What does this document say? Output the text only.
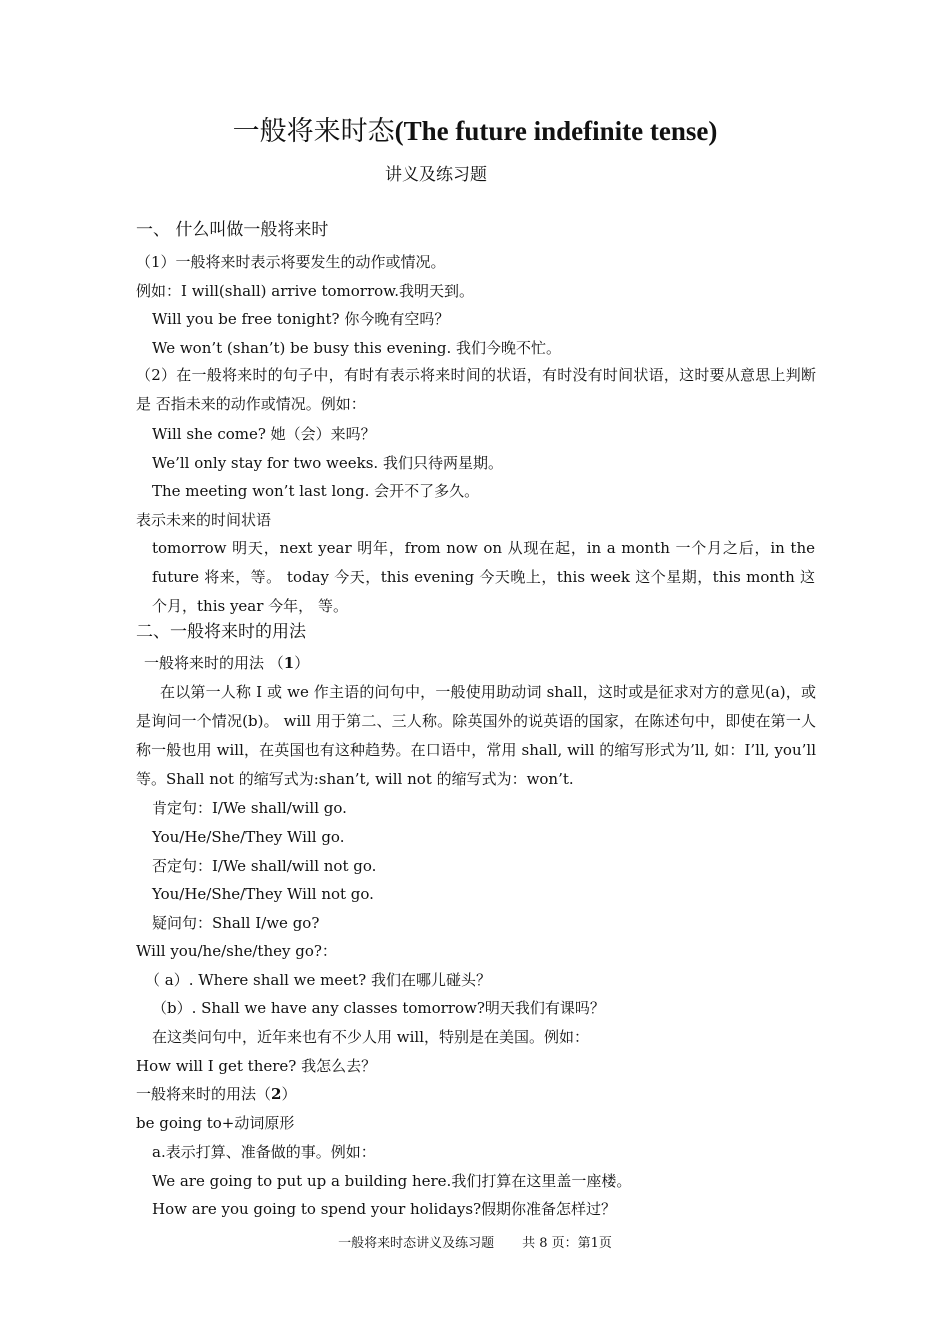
一般将来时态(The future indefinite tense)
讲义及练习题
一、 什么叫做一般将来时
（1）一般将来时表示将要发生的动作或情况。
例如：I will(shall) arrive tomorrow.我明天到。
Will you be free tonight? 你今晚有空吗？
We won’t (shan’t) be busy this evening. 我们今晚不忙。
（2）在一般将来时的句子中，有时有表示将来时间的状语，有时没有时间状语，这时要从意思上判断是 否指未来的动作或情况。例如：
Will she come? 她（会）来吗？
We’ll only stay for two weeks. 我们只待两星期。
The meeting won’t last long. 会开不了多久。
表示未来的时间状语
tomorrow 明天，next year 明年，from now on 从现在起，in a month 一个月之后，in the future 将来，等。 today 今天，this evening 今天晚上，this week 这个星期，this month 这个月，this year 今年， 等。
二、一般将来时的用法
一般将来时的用法 （1）
在以第一人称 I 或 we 作主语的问句中，一般使用助动词 shall，这时或是征求对方的意见(a)，或是询问一个情况(b)。 will 用于第二、三人称。除英国外的说英语的国家，在陈述句中，即使在第一人称一般也用 will，在英国也有这种趋势。在口语中，常用 shall, will 的缩写形式为’ll, 如：I’ll, you’ll 等。Shall not 的缩写式为:shan’t, will not 的缩写式为：won’t.
肯定句：I/We shall/will go.
You/He/She/They Will go.
否定句：I/We shall/will not go.
You/He/She/They Will not go.
疑问句：Shall I/we go?
Will you/he/she/they go?：
（ a）. Where shall we meet? 我们在哪儿碰头？
（b）. Shall we have any classes tomorrow?明天我们有课吗？
在这类问句中，近年来也有不少人用 will，特别是在美国。例如：
How will I get there? 我怎么去？
一般将来时的用法（2）
be going to+动词原形
a.表示打算、准备做的事。例如：
We are going to put up a building here.我们打算在这里盖一座楼。
How are you going to spend your holidays?假期你准备怎样过？
一般将来时态讲义及练习题 共 8 页：第1页
